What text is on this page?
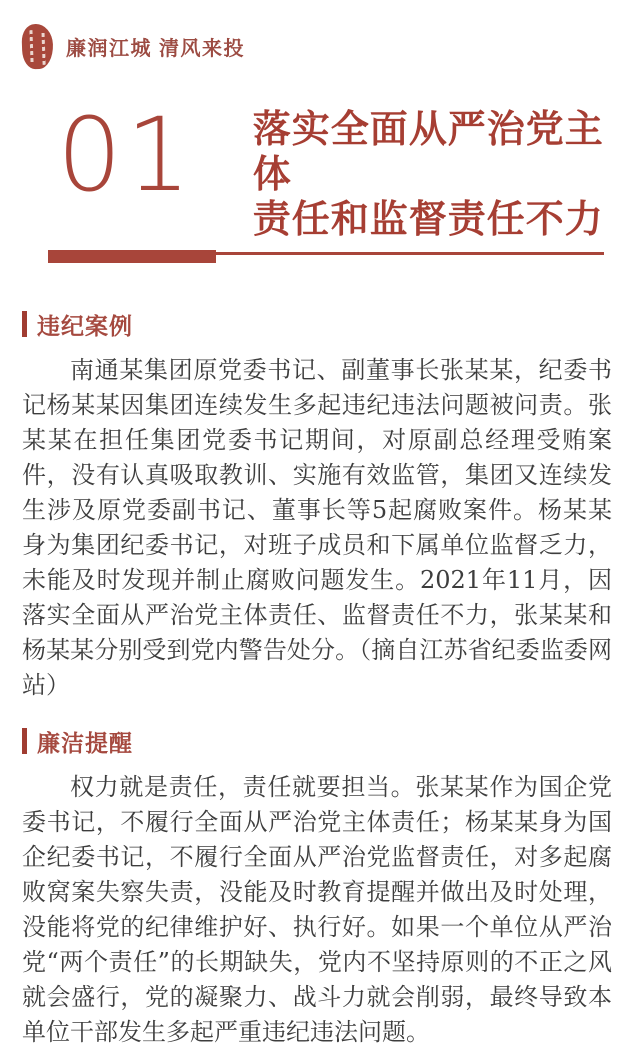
廉润江城 清风来投
01 落实全面从严治党主体
责任和监督责任不力
违纪案例

南通某集团原党委书记、副董事长张某某，纪委书记杨某某因集团连续发生多起违纪违法问题被问责。张某某在担任集团党委书记期间，对原副总经理受贿案件，没有认真吸取教训、实施有效监管，集团又连续发生涉及原党委副书记、董事长等5起腐败案件。杨某某身为集团纪委书记，对班子成员和下属单位监督乏力，未能及时发现并制止腐败问题发生。2021年11月，因落实全面从严治党主体责任、监督责任不力，张某某和杨某某分别受到党内警告处分。（摘自江苏省纪委监委网站）

廉洁提醒

权力就是责任，责任就要担当。张某某作为国企党委书记，不履行全面从严治党主体责任；杨某某身为国企纪委书记，不履行全面从严治党监督责任，对多起腐败窝案失察失责，没能及时教育提醒并做出及时处理，没能将党的纪律维护好、执行好。如果一个单位从严治党“两个责任”的长期缺失，党内不坚持原则的不正之风就会盛行，党的凝聚力、战斗力就会削弱，最终导致本单位干部发生多起严重违纪违法问题。
